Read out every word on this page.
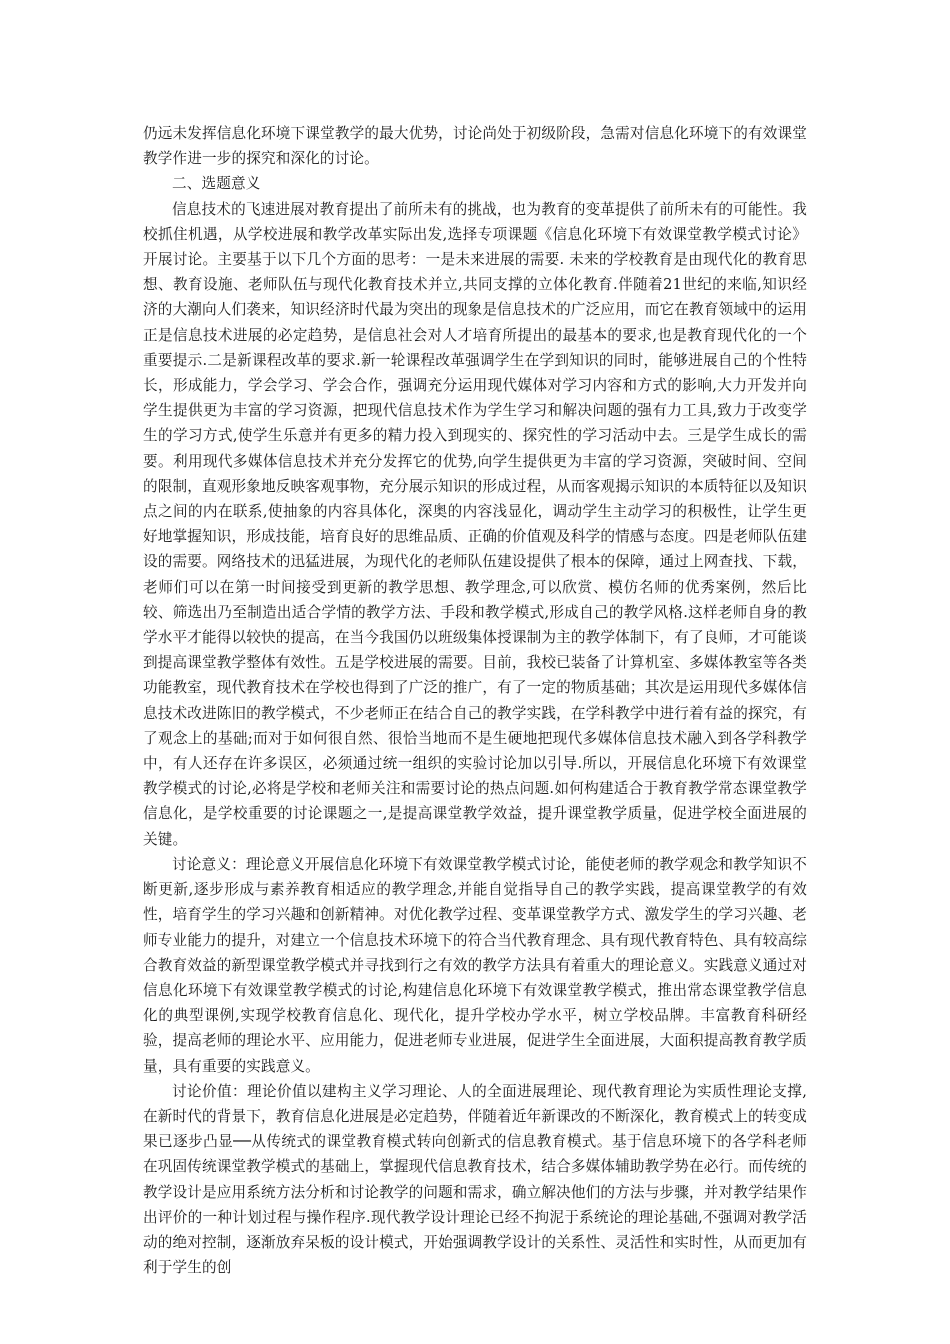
仍远未发挥信息化环境下课堂教学的最大优势，讨论尚处于初级阶段，急需对信息化环境下的有效课堂教学作进一步的探究和深化的讨论。

二、选题意义

信息技术的飞速进展对教育提出了前所未有的挑战，也为教育的变革提供了前所未有的可能性。我校抓住机遇，从学校进展和教学改革实际出发,选择专项课题《信息化环境下有效课堂教学模式讨论》开展讨论。主要基于以下几个方面的思考：一是未来进展的需要. 未来的学校教育是由现代化的教育思想、教育设施、老师队伍与现代化教育技术并立,共同支撑的立体化教育.伴随着21世纪的来临,知识经济的大潮向人们袭来，知识经济时代最为突出的现象是信息技术的广泛应用，而它在教育领域中的运用正是信息技术进展的必定趋势，是信息社会对人才培育所提出的最基本的要求,也是教育现代化的一个重要提示.二是新课程改革的要求.新一轮课程改革强调学生在学到知识的同时，能够进展自己的个性特长，形成能力，学会学习、学会合作，强调充分运用现代媒体对学习内容和方式的影响,大力开发并向学生提供更为丰富的学习资源，把现代信息技术作为学生学习和解决问题的强有力工具,致力于改变学生的学习方式,使学生乐意并有更多的精力投入到现实的、探究性的学习活动中去。三是学生成长的需要。利用现代多媒体信息技术并充分发挥它的优势,向学生提供更为丰富的学习资源，突破时间、空间的限制，直观形象地反映客观事物，充分展示知识的形成过程，从而客观揭示知识的本质特征以及知识点之间的内在联系,使抽象的内容具体化，深奥的内容浅显化，调动学生主动学习的积极性，让学生更好地掌握知识，形成技能，培育良好的思维品质、正确的价值观及科学的情感与态度。四是老师队伍建设的需要。网络技术的迅猛进展，为现代化的老师队伍建设提供了根本的保障，通过上网查找、下载，老师们可以在第一时间接受到更新的教学思想、教学理念,可以欣赏、模仿名师的优秀案例，然后比较、筛选出乃至制造出适合学情的教学方法、手段和教学模式,形成自己的教学风格.这样老师自身的教学水平才能得以较快的提高，在当今我国仍以班级集体授课制为主的教学体制下，有了良师，才可能谈到提高课堂教学整体有效性。五是学校进展的需要。目前，我校已装备了计算机室、多媒体教室等各类功能教室，现代教育技术在学校也得到了广泛的推广，有了一定的物质基础；其次是运用现代多媒体信息技术改进陈旧的教学模式，不少老师正在结合自己的教学实践，在学科教学中进行着有益的探究，有了观念上的基础;而对于如何很自然、很恰当地而不是生硬地把现代多媒体信息技术融入到各学科教学中，有人还存在许多误区，必须通过统一组织的实验讨论加以引导.所以，开展信息化环境下有效课堂教学模式的讨论,必将是学校和老师关注和需要讨论的热点问题.如何构建适合于教育教学常态课堂教学信息化，是学校重要的讨论课题之一,是提高课堂教学效益，提升课堂教学质量，促进学校全面进展的关键。

讨论意义：理论意义开展信息化环境下有效课堂教学模式讨论，能使老师的教学观念和教学知识不断更新,逐步形成与素养教育相适应的教学理念,并能自觉指导自己的教学实践，提高课堂教学的有效性，培育学生的学习兴趣和创新精神。对优化教学过程、变革课堂教学方式、激发学生的学习兴趣、老师专业能力的提升，对建立一个信息技术环境下的符合当代教育理念、具有现代教育特色、具有较高综合教育效益的新型课堂教学模式并寻找到行之有效的教学方法具有着重大的理论意义。实践意义通过对信息化环境下有效课堂教学模式的讨论,构建信息化环境下有效课堂教学模式，推出常态课堂教学信息化的典型课例,实现学校教育信息化、现代化，提升学校办学水平，树立学校品牌。丰富教育科研经验，提高老师的理论水平、应用能力，促进老师专业进展，促进学生全面进展，大面积提高教育教学质量，具有重要的实践意义。

讨论价值：理论价值以建构主义学习理论、人的全面进展理论、现代教育理论为实质性理论支撑,在新时代的背景下，教育信息化进展是必定趋势，伴随着近年新课改的不断深化，教育模式上的转变成果已逐步凸显──从传统式的课堂教育模式转向创新式的信息教育模式。基于信息环境下的各学科老师在巩固传统课堂教学模式的基础上，掌握现代信息教育技术，结合多媒体辅助教学势在必行。而传统的教学设计是应用系统方法分析和讨论教学的问题和需求，确立解决他们的方法与步骤，并对教学结果作出评价的一种计划过程与操作程序.现代教学设计理论已经不拘泥于系统论的理论基础,不强调对教学活动的绝对控制，逐渐放弃呆板的设计模式，开始强调教学设计的关系性、灵活性和实时性，从而更加有利于学生的创
